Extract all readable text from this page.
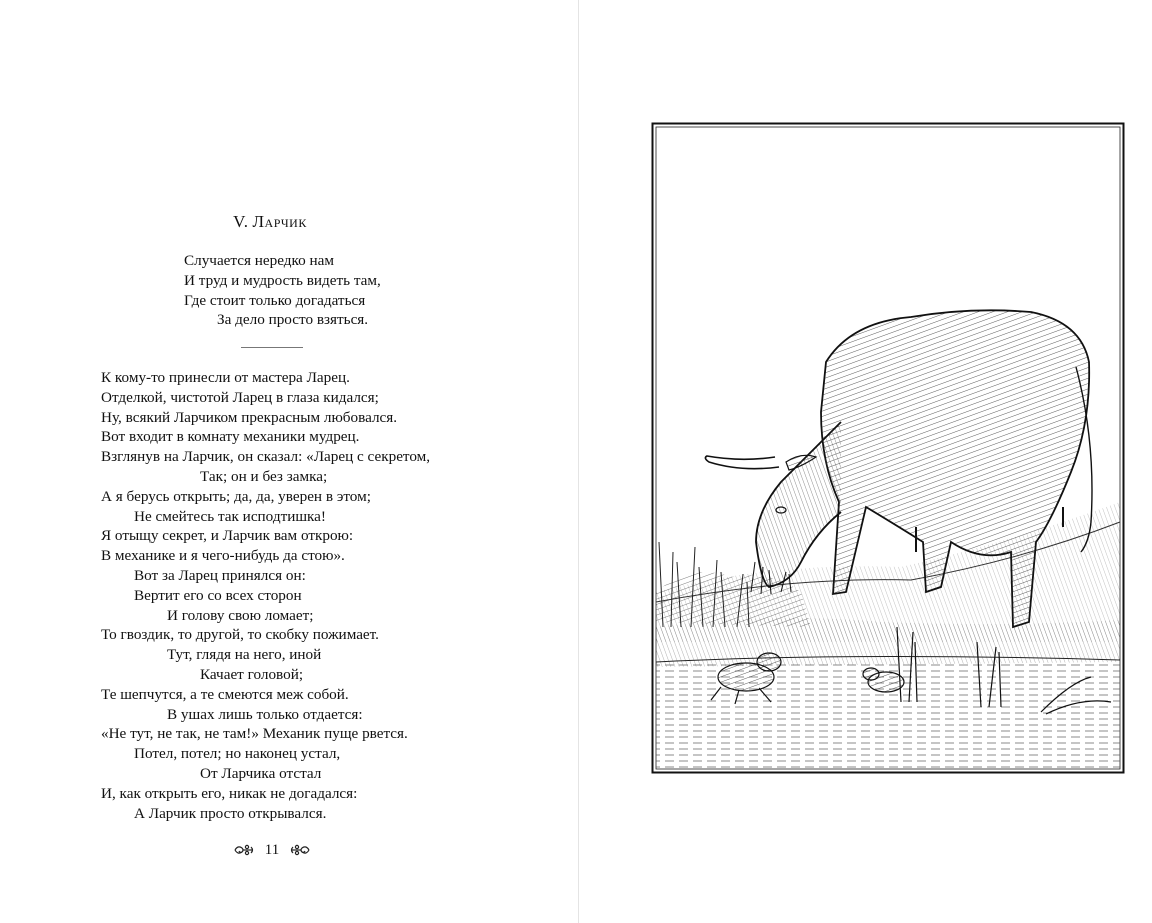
V. Ларчик
Случается нередко нам
И труд и мудрость видеть там,
Где стоит только догадаться
За дело просто взяться.
К кому-то принесли от мастера Ларец.
Отделкой, чистотой Ларец в глаза кидался;
Ну, всякий Ларчиком прекрасным любовался.
Вот входит в комнату механики мудрец.
Взглянув на Ларчик, он сказал: «Ларец с секретом,
Так; он и без замка;
А я берусь открыть; да, да, уверен в этом;
Не смейтесь так исподтишка!
Я отыщу секрет, и Ларчик вам открою:
В механике и я чего-нибудь да стою».
Вот за Ларец принялся он:
Вертит его со всех сторон
И голову свою ломает;
То гвоздик, то другой, то скобку пожимает.
Тут, глядя на него, иной
Качает головой;
Те шепчутся, а те смеются меж собой.
В ушах лишь только отдается:
«Не тут, не так, не там!» Механик пуще рвется.
Потел, потел; но наконец устал,
От Ларчика отстал
И, как открыть его, никак не догадался:
А Ларчик просто открывался.
11
